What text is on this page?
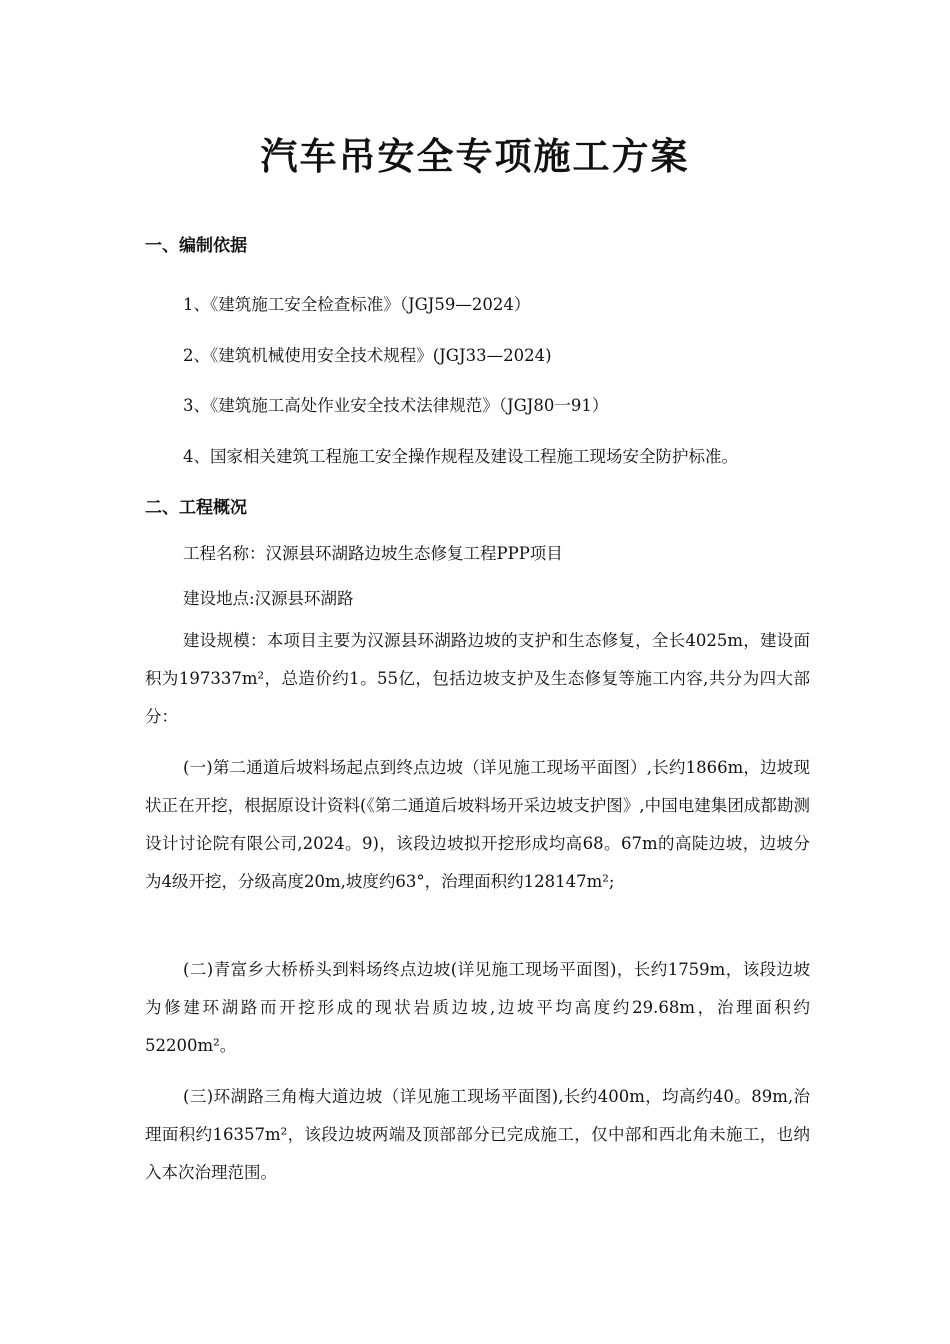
汽车吊安全专项施工方案
一、编制依据
1、《建筑施工安全检查标准》（JGJ59—2024）
2、《建筑机械使用安全技术规程》(JGJ33—2024)
3、《建筑施工高处作业安全技术法律规范》（JGJ80一91）
4、国家相关建筑工程施工安全操作规程及建设工程施工现场安全防护标准。
二、工程概况
工程名称：汉源县环湖路边坡生态修复工程PPP项目
建设地点:汉源县环湖路

建设规模：本项目主要为汉源县环湖路边坡的支护和生态修复，全长4025m，建设面积为197337m²，总造价约1。55亿，包括边坡支护及生态修复等施工内容,共分为四大部分：

(一)第二通道后坡料场起点到终点边坡（详见施工现场平面图）,长约1866m，边坡现状正在开挖，根据原设计资料(《第二通道后坡料场开采边坡支护图》,中国电建集团成都勘测设计讨论院有限公司,2024。9)，该段边坡拟开挖形成均高68。67m的高陡边坡，边坡分为4级开挖，分级高度20m,坡度约63°，治理面积约128147m²;

(二)青富乡大桥桥头到料场终点边坡(详见施工现场平面图)，长约1759m，该段边坡为修建环湖路而开挖形成的现状岩质边坡,边坡平均高度约29.68m，治理面积约52200m²。

(三)环湖路三角梅大道边坡（详见施工现场平面图),长约400m，均高约40。89m,治理面积约16357m²，该段边坡两端及顶部部分已完成施工，仅中部和西北角未施工，也纳入本次治理范围。
